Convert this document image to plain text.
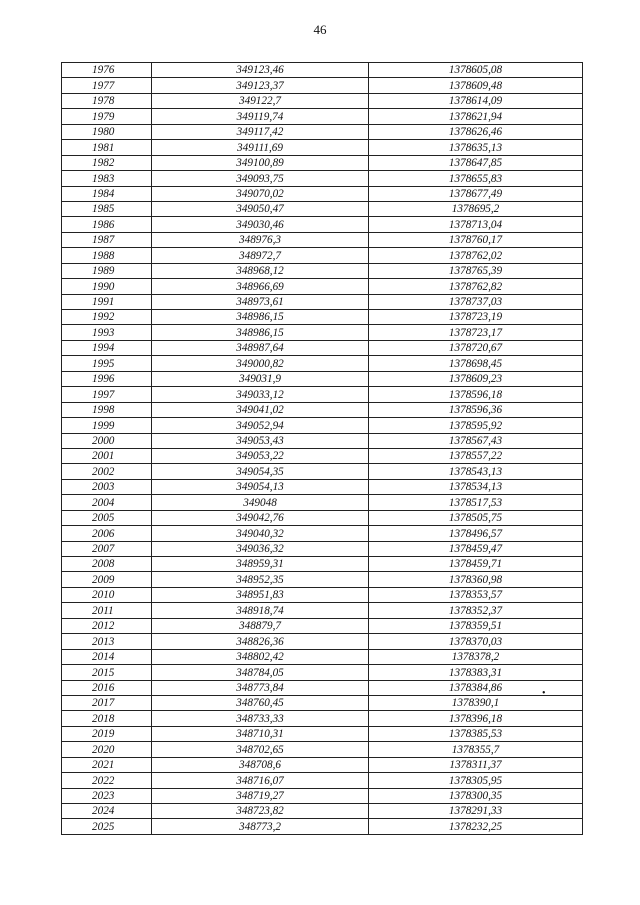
46
1976	349123,46	1378605,08
1977	349123,37	1378609,48
1978	349122,7	1378614,09
1979	349119,74	1378621,94
1980	349117,42	1378626,46
1981	349111,69	1378635,13
1982	349100,89	1378647,85
1983	349093,75	1378655,83
1984	349070,02	1378677,49
1985	349050,47	1378695,2
1986	349030,46	1378713,04
1987	348976,3	1378760,17
1988	348972,7	1378762,02
1989	348968,12	1378765,39
1990	348966,69	1378762,82
1991	348973,61	1378737,03
1992	348986,15	1378723,19
1993	348986,15	1378723,17
1994	348987,64	1378720,67
1995	349000,82	1378698,45
1996	349031,9	1378609,23
1997	349033,12	1378596,18
1998	349041,02	1378596,36
1999	349052,94	1378595,92
2000	349053,43	1378567,43
2001	349053,22	1378557,22
2002	349054,35	1378543,13
2003	349054,13	1378534,13
2004	349048	1378517,53
2005	349042,76	1378505,75
2006	349040,32	1378496,57
2007	349036,32	1378459,47
2008	348959,31	1378459,71
2009	348952,35	1378360,98
2010	348951,83	1378353,57
2011	348918,74	1378352,37
2012	348879,7	1378359,51
2013	348826,36	1378370,03
2014	348802,42	1378378,2
2015	348784,05	1378383,31
2016	348773,84	1378384,86
2017	348760,45	1378390,1
2018	348733,33	1378396,18
2019	348710,31	1378385,53
2020	348702,65	1378355,7
2021	348708,6	1378311,37
2022	348716,07	1378305,95
2023	348719,27	1378300,35
2024	348723,82	1378291,33
2025	348773,2	1378232,25
•
